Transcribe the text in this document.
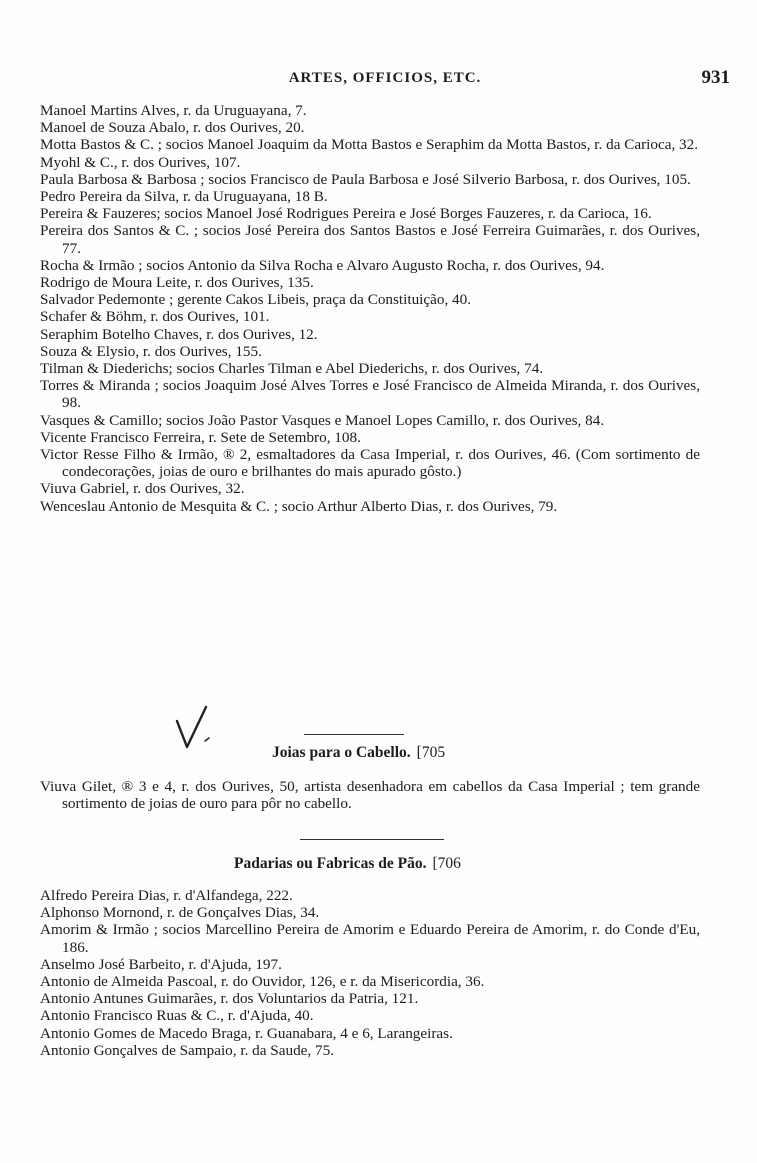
ARTES, OFFICIOS, ETC.	931

Manoel Martins Alves, r. da Uruguayana, 7.

Manoel de Souza Abalo, r. dos Ourives, 20.

Motta Bastos & C. ; socios Manoel Joaquim da Motta Bastos e Seraphim da Motta Bastos, r. da Carioca, 32.

Myohl & C., r. dos Ourives, 107.

Paula Barbosa & Barbosa ; socios Francisco de Paula Barbosa e José Silverio Barbosa, r. dos Ourives, 105.

Pedro Pereira da Silva, r. da Uruguayana, 18 B.

Pereira & Fauzeres; socios Manoel José Rodrigues Pereira e José Borges Fauzeres, r. da Carioca, 16.

Pereira dos Santos & C. ; socios José Pereira dos Santos Bastos e José Ferreira Guimarães, r. dos Ourives, 77.

Rocha & Irmão ; socios Antonio da Silva Rocha e Alvaro Augusto Rocha, r. dos Ourives, 94.

Rodrigo de Moura Leite, r. dos Ourives, 135.

Salvador Pedemonte ; gerente Cakos Libeis, praça da Constituição, 40.

Schafer & Böhm, r. dos Ourives, 101.

Seraphim Botelho Chaves, r. dos Ourives, 12.

Souza & Elysio, r. dos Ourives, 155.

Tilman & Diederichs; socios Charles Tilman e Abel Diederichs, r. dos Ourives, 74.

Torres & Miranda ; socios Joaquim José Alves Torres e José Francisco de Almeida Miranda, r. dos Ourives, 98.

Vasques & Camillo; socios João Pastor Vasques e Manoel Lopes Camillo, r. dos Ourives, 84.

Vicente Francisco Ferreira, r. Sete de Setembro, 108.

Victor Resse Filho & Irmão, ® 2, esmaltadores da Casa Imperial, r. dos Ourives, 46. (Com sortimento de condecorações, joias de ouro e brilhantes do mais apurado gôsto.)

Viuva Gabriel, r. dos Ourives, 32.

Wenceslau Antonio de Mesquita & C. ; socio Arthur Alberto Dias, r. dos Ourives, 79.

Joias para o Cabello. [705

Viuva Gilet, ® 3 e 4, r. dos Ourives, 50, artista desenhadora em cabellos da Casa Imperial ; tem grande sortimento de joias de ouro para pôr no cabello.

Padarias ou Fabricas de Pão. [706

Alfredo Pereira Dias, r. d'Alfandega, 222.

Alphonso Mornond, r. de Gonçalves Dias, 34.

Amorim & Irmão ; socios Marcellino Pereira de Amorim e Eduardo Pereira de Amorim, r. do Conde d'Eu, 186.

Anselmo José Barbeito, r. d'Ajuda, 197.

Antonio de Almeida Pascoal, r. do Ouvidor, 126, e r. da Misericordia, 36.

Antonio Antunes Guimarães, r. dos Voluntarios da Patria, 121.

Antonio Francisco Ruas & C., r. d'Ajuda, 40.

Antonio Gomes de Macedo Braga, r. Guanabara, 4 e 6, Larangeiras.

Antonio Gonçalves de Sampaio, r. da Saude, 75.
